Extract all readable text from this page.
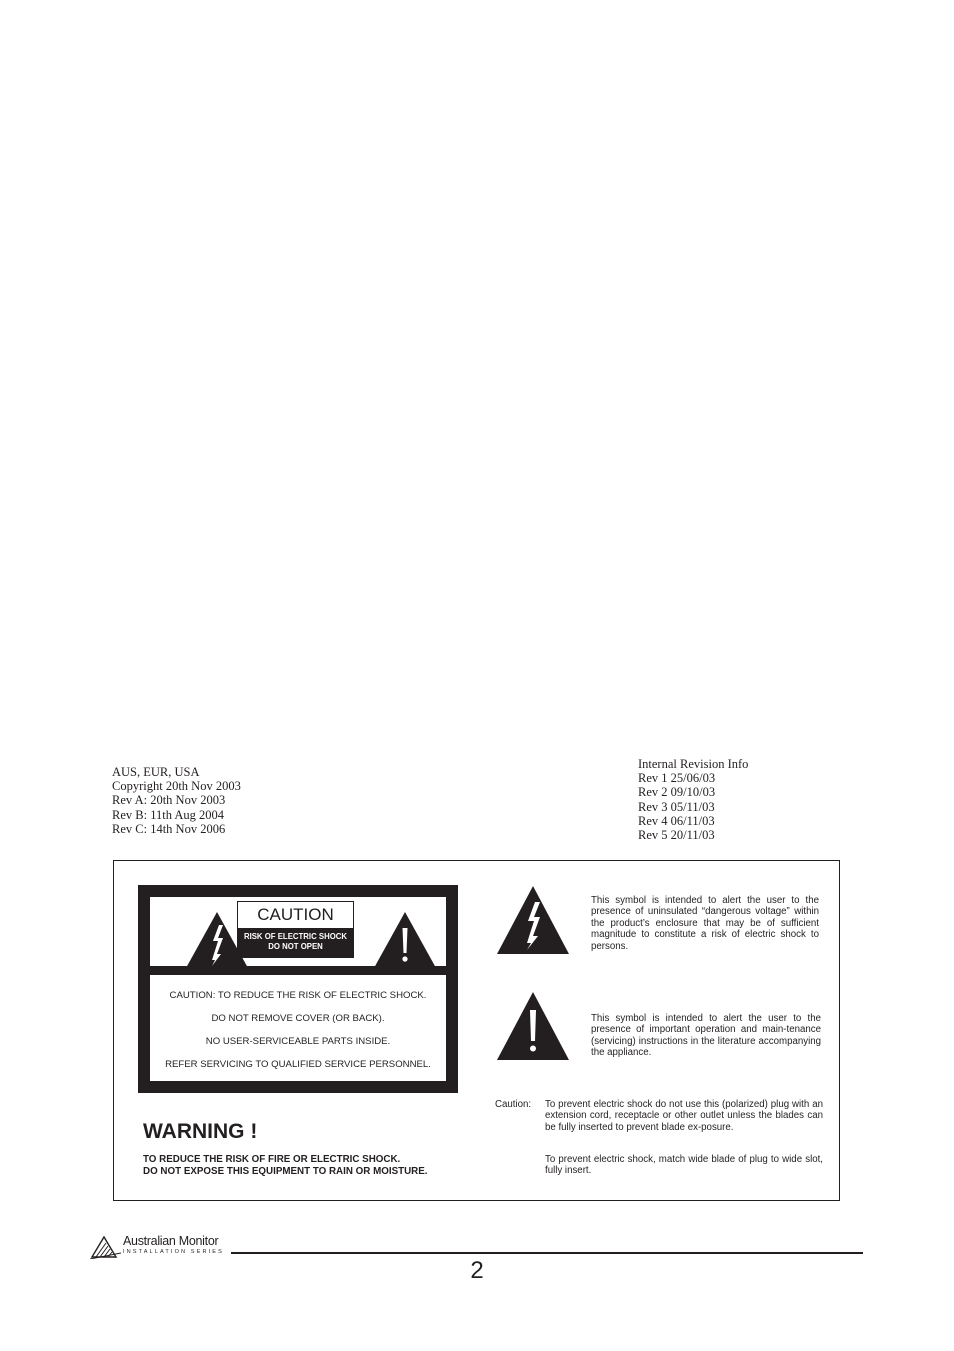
AUS, EUR, USA
Copyright 20th Nov 2003
Rev A: 20th Nov 2003
Rev B: 11th Aug 2004
Rev C: 14th Nov 2006
Internal Revision Info
Rev 1 25/06/03
Rev 2 09/10/03
Rev 3 05/11/03
Rev 4 06/11/03
Rev 5 20/11/03
CAUTION
RISK OF ELECTRIC SHOCK
DO NOT OPEN
CAUTION: TO REDUCE THE RISK OF ELECTRIC SHOCK.
DO NOT REMOVE COVER (OR BACK).
NO USER-SERVICEABLE PARTS INSIDE.
REFER SERVICING TO QUALIFIED SERVICE PERSONNEL.
WARNING !
TO REDUCE THE RISK OF FIRE OR ELECTRIC SHOCK.
DO NOT EXPOSE THIS EQUIPMENT TO RAIN OR MOISTURE.
This symbol is intended to alert the user to the presence of uninsulated “dangerous voltage” within the product’s enclosure that may be of sufficient magnitude to constitute a risk of electric shock to persons.
This symbol is intended to alert the user to the presence of important operation and main-tenance (servicing) instructions in the literature accompanying the appliance.
Caution: To prevent electric shock do not use this (polarized) plug with an extension cord, receptacle or other outlet unless the blades can be fully inserted to prevent blade ex-posure.
To prevent electric shock, match wide blade of plug to wide slot, fully insert.
Australian Monitor
INSTALLATION SERIES
2
